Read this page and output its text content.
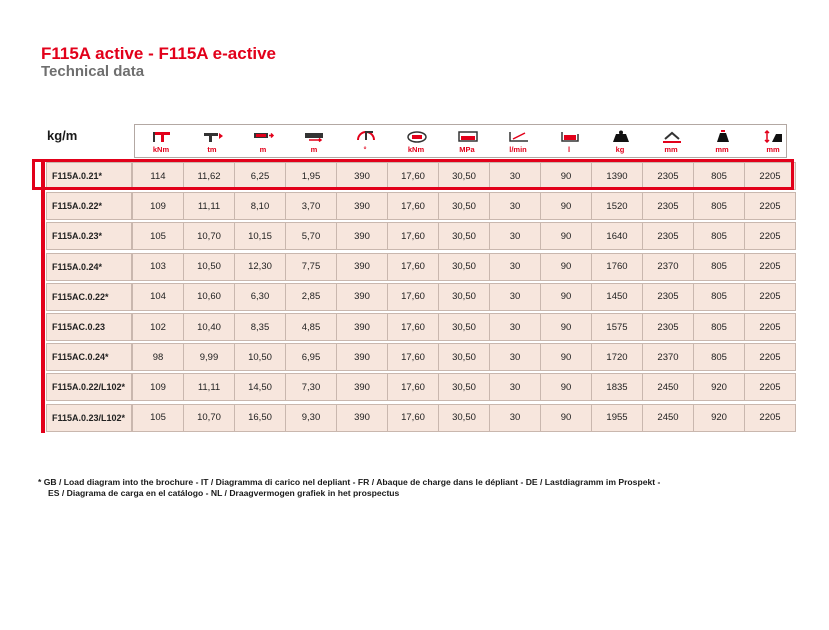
F115A active - F115A e-active
Technical data
kg/m
kNm	tm	m	m	°	kNm	MPa	l/min	l	kg	mm	mm	mm
F115A.0.21*	114	11,62	6,25	1,95	390	17,60	30,50	30	90	1390	2305	805	2205
F115A.0.22*	109	11,11	8,10	3,70	390	17,60	30,50	30	90	1520	2305	805	2205
F115A.0.23*	105	10,70	10,15	5,70	390	17,60	30,50	30	90	1640	2305	805	2205
F115A.0.24*	103	10,50	12,30	7,75	390	17,60	30,50	30	90	1760	2370	805	2205
F115AC.0.22*	104	10,60	6,30	2,85	390	17,60	30,50	30	90	1450	2305	805	2205
F115AC.0.23	102	10,40	8,35	4,85	390	17,60	30,50	30	90	1575	2305	805	2205
F115AC.0.24*	98	9,99	10,50	6,95	390	17,60	30,50	30	90	1720	2370	805	2205
F115A.0.22/L102*	109	11,11	14,50	7,30	390	17,60	30,50	30	90	1835	2450	920	2205
F115A.0.23/L102*	105	10,70	16,50	9,30	390	17,60	30,50	30	90	1955	2450	920	2205

* GB / Load diagram into the brochure - IT / Diagramma di carico nel depliant - FR / Abaque de charge dans le dépliant - DE / Lastdiagramm im Prospekt -

ES / Diagrama de carga en el catálogo - NL / Draagvermogen grafiek in het prospectus
